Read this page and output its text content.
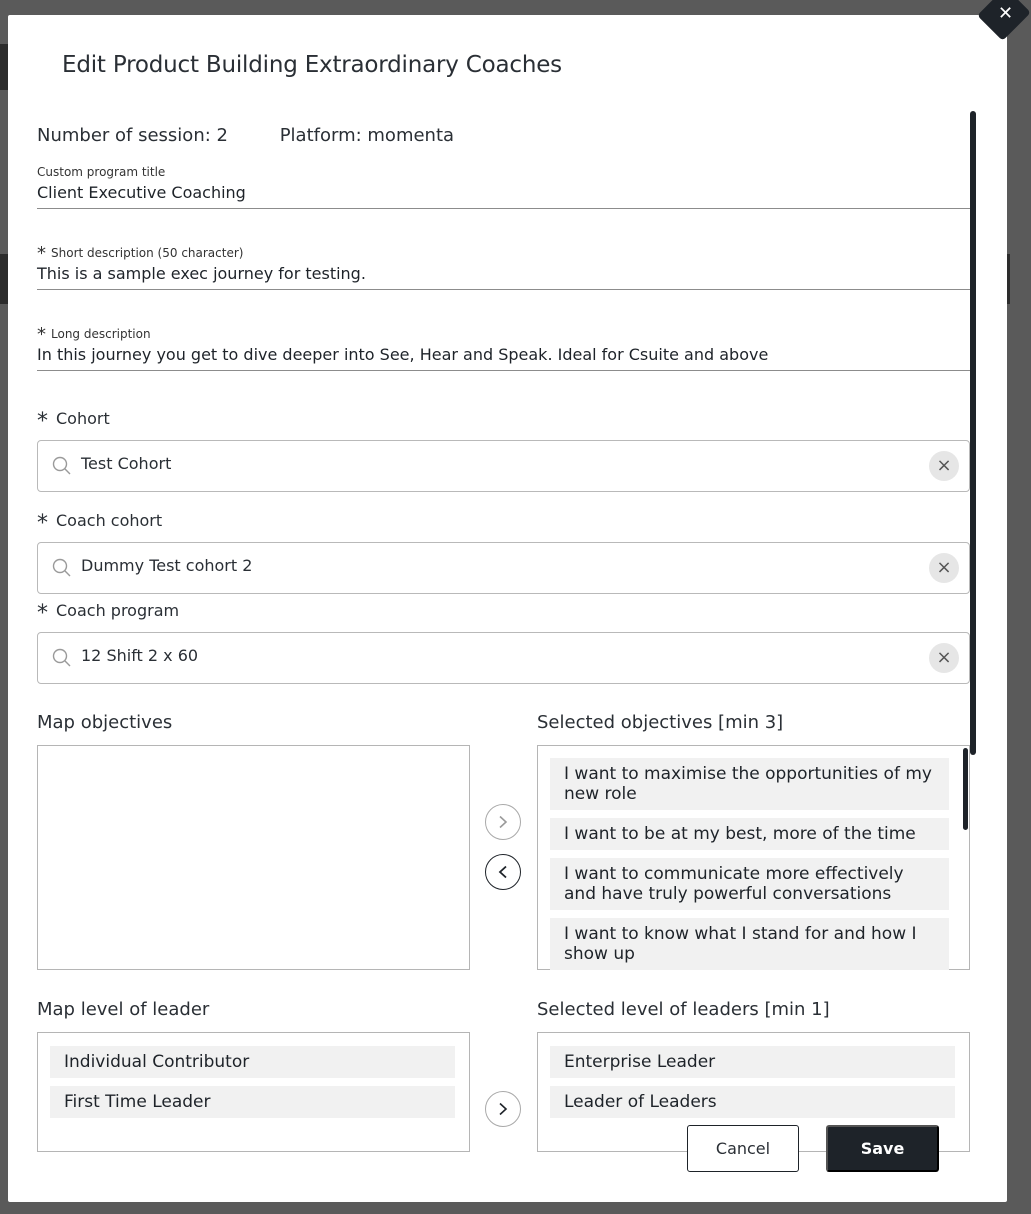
Edit Product Building Extraordinary Coaches
Number of session: 2	Platform: momenta
Custom program title
Client Executive Coaching
* Short description (50 character)
This is a sample exec journey for testing.
* Long description
In this journey you get to dive deeper into See, Hear and Speak. Ideal for Csuite and above
* Cohort
Test Cohort	×
* Coach cohort
Dummy Test cohort 2	×
* Coach program
12 Shift 2 x 60	×
Map objectives	Selected objectives [min 3]
I want to maximise the opportunities of my new role
I want to be at my best, more of the time
I want to communicate more effectively and have truly powerful conversations
I want to know what I stand for and how I show up
Map level of leader	Selected level of leaders [min 1]
Individual Contributor
First Time Leader
Enterprise Leader
Leader of Leaders
Cancel	Save
✕
